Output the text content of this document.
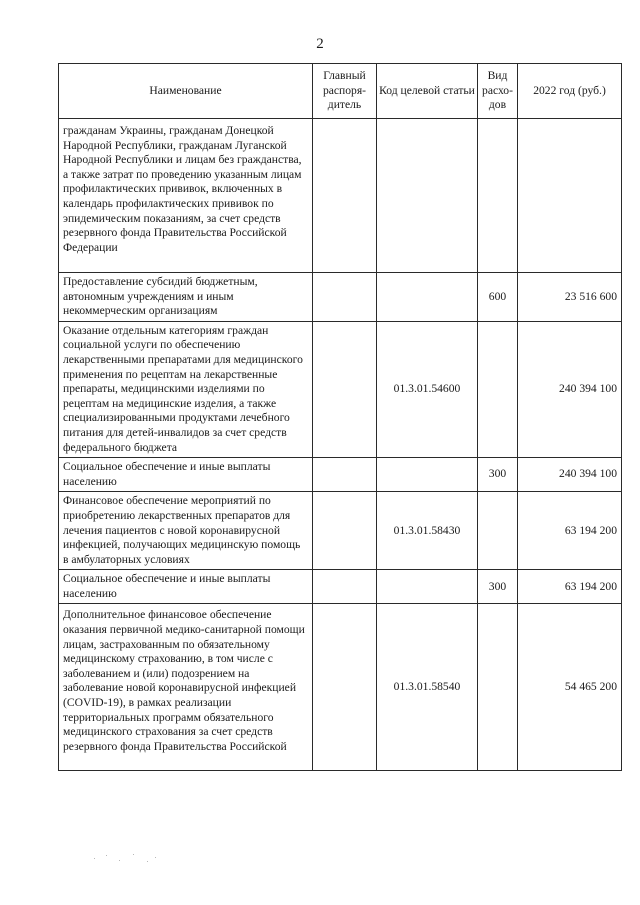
2
Наименование	Главный распоря-дитель	Код целевой статьи	Вид расхо-дов	2022 год (руб.)
гражданам Украины, гражданам Донецкой Народной Республики, гражданам Луганской Народной Республики и лицам без гражданства, а также затрат по проведению указанным лицам профилактических прививок, включенных в календарь профилактических прививок по эпидемическим показаниям, за счет средств резервного фонда Правительства Российской Федерации				
Предоставление субсидий бюджетным, автономным учреждениям и иным некоммерческим организациям			600	23 516 600
Оказание отдельным категориям граждан социальной услуги по обеспечению лекарственными препаратами для медицинского применения по рецептам на лекарственные препараты, медицинскими изделиями по рецептам на медицинские изделия, а также специализированными продуктами лечебного питания для детей-инвалидов за счет средств федерального бюджета		01.3.01.54600		240 394 100
Социальное обеспечение и иные выплаты населению			300	240 394 100
Финансовое обеспечение мероприятий по приобретению лекарственных препаратов для лечения пациентов с новой коронавирусной инфекцией, получающих медицинскую помощь в амбулаторных условиях		01.3.01.58430		63 194 200
Социальное обеспечение и иные выплаты населению			300	63 194 200
Дополнительное финансовое обеспечение оказания первичной медико-санитарной помощи лицам, застрахованным по обязательному медицинскому страхованию, в том числе с заболеванием и (или) подозрением на заболевание новой коронавирусной инфекцией (COVID-19), в рамках реализации территориальных программ обязательного медицинского страхования за счет средств резервного фонда Правительства Российской		01.3.01.58540		54 465 200
